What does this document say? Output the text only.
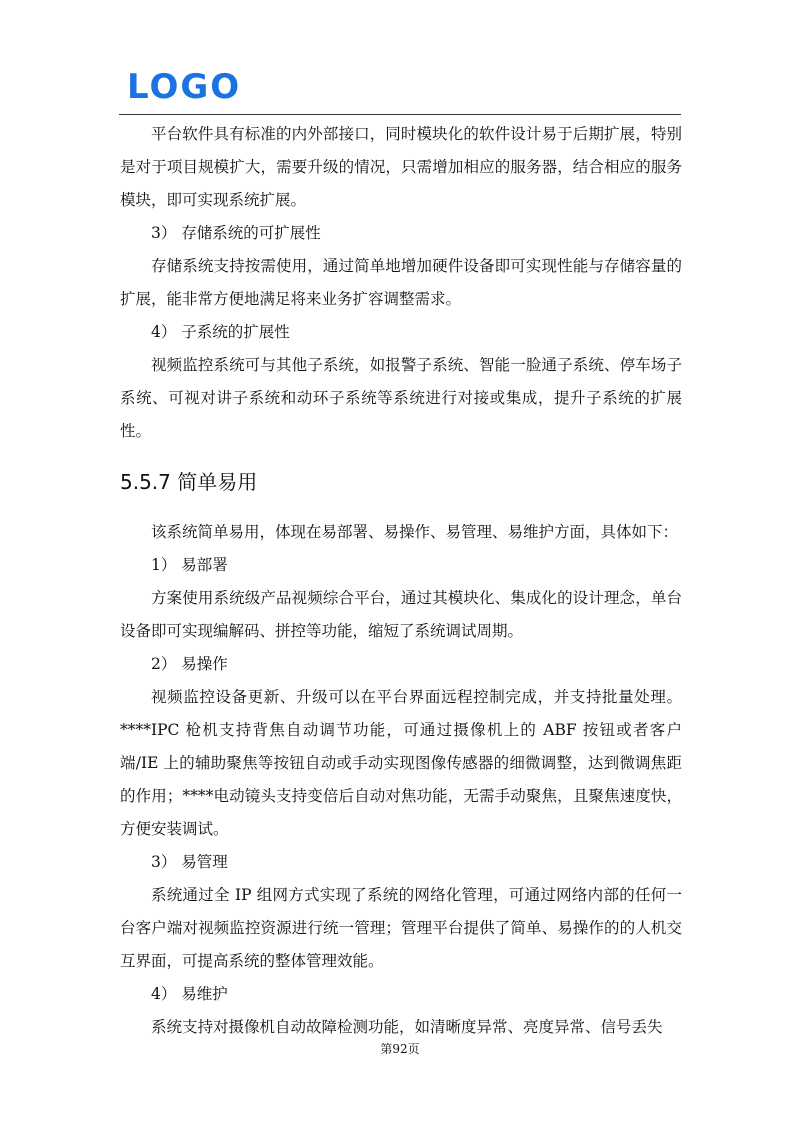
LOGO

平台软件具有标准的内外部接口，同时模块化的软件设计易于后期扩展，特别是对于项目规模扩大，需要升级的情况，只需增加相应的服务器，结合相应的服务模块，即可实现系统扩展。

3） 存储系统的可扩展性

存储系统支持按需使用，通过简单地增加硬件设备即可实现性能与存储容量的扩展，能非常方便地满足将来业务扩容调整需求。

4） 子系统的扩展性

视频监控系统可与其他子系统，如报警子系统、智能一脸通子系统、停车场子系统、可视对讲子系统和动环子系统等系统进行对接或集成，提升子系统的扩展性。

5.5.7 简单易用

该系统简单易用，体现在易部署、易操作、易管理、易维护方面，具体如下：

1） 易部署

方案使用系统级产品视频综合平台，通过其模块化、集成化的设计理念，单台设备即可实现编解码、拼控等功能，缩短了系统调试周期。

2） 易操作

视频监控设备更新、升级可以在平台界面远程控制完成，并支持批量处理。****IPC 枪机支持背焦自动调节功能，可通过摄像机上的 ABF 按钮或者客户端/IE 上的辅助聚焦等按钮自动或手动实现图像传感器的细微调整，达到微调焦距的作用；****电动镜头支持变倍后自动对焦功能，无需手动聚焦，且聚焦速度快，方便安装调试。

3） 易管理

系统通过全 IP 组网方式实现了系统的网络化管理，可通过网络内部的任何一台客户端对视频监控资源进行统一管理；管理平台提供了简单、易操作的的人机交互界面，可提高系统的整体管理效能。

4） 易维护

系统支持对摄像机自动故障检测功能，如清晰度异常、亮度异常、信号丢失

第92页
